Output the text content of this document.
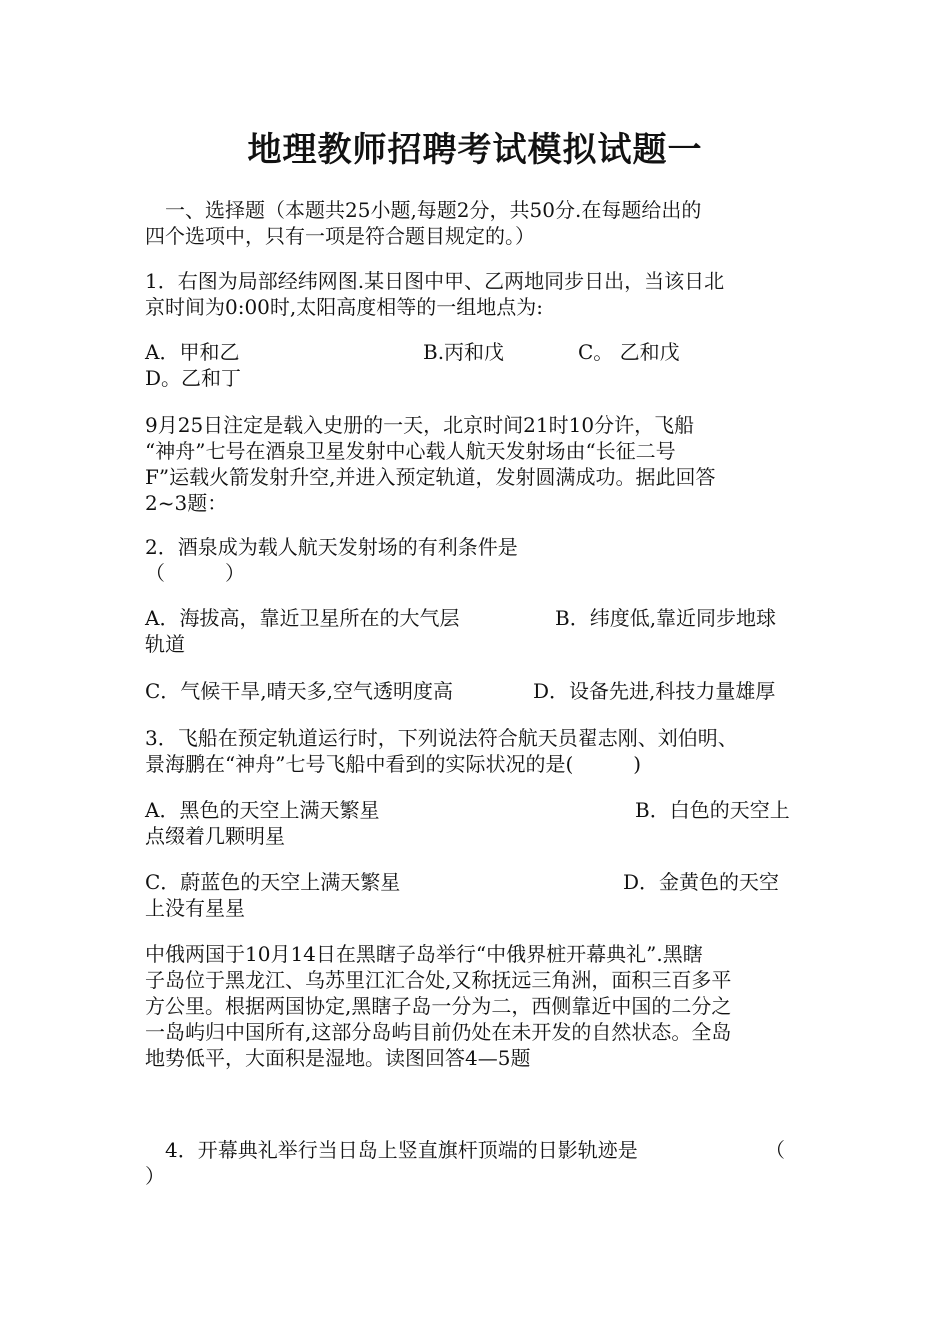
地理教师招聘考试模拟试题一
　一、选择题（本题共25小题,每题2分，共50分.在每题给出的
四个选项中，只有一项是符合题目规定的。）
1．右图为局部经纬网图.某日图中甲、乙两地同步日出，当该日北
京时间为0:00时,太阳高度相等的一组地点为:
A．甲和乙	B.丙和戊	C。 乙和戊
D。乙和丁
9月25日注定是载入史册的一天，北京时间21时10分许，飞船
“神舟”七号在酒泉卫星发射中心载人航天发射场由“长征二号
F”运载火箭发射升空,并进入预定轨道，发射圆满成功。据此回答
2~3题：
2．酒泉成为载人航天发射场的有利条件是
（　　　）
A．海拔高，靠近卫星所在的大气层	B．纬度低,靠近同步地球
轨道
C．气候干旱,晴天多,空气透明度高	D．设备先进,科技力量雄厚
3．飞船在预定轨道运行时，下列说法符合航天员翟志刚、刘伯明、
景海鹏在“神舟”七号飞船中看到的实际状况的是(　　　)
A．黑色的天空上满天繁星	B．白色的天空上
点缀着几颗明星
C．蔚蓝色的天空上满天繁星	D．金黄色的天空
上没有星星
中俄两国于10月14日在黑瞎子岛举行“中俄界桩开幕典礼”.黑瞎
子岛位于黑龙江、乌苏里江汇合处,又称抚远三角洲，面积三百多平
方公里。根据两国协定,黑瞎子岛一分为二，西侧靠近中国的二分之
一岛屿归中国所有,这部分岛屿目前仍处在未开发的自然状态。全岛
地势低平，大面积是湿地。读图回答4—5题
　4．开幕典礼举行当日岛上竖直旗杆顶端的日影轨迹是	（
）
